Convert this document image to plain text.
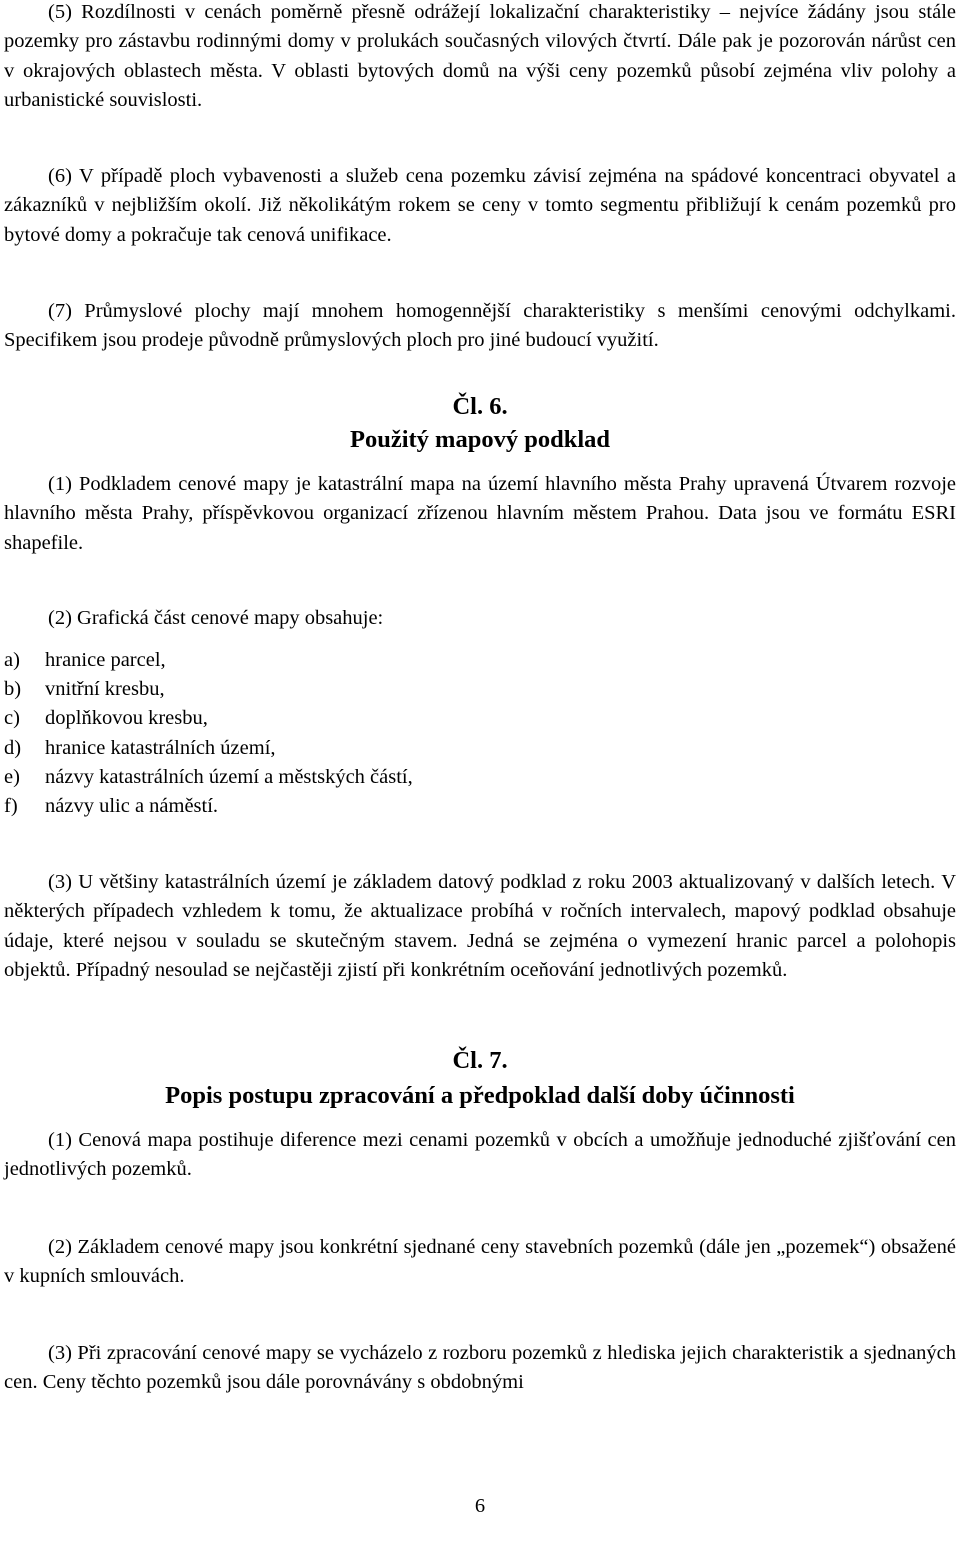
(5) Rozdílnosti v cenách poměrně přesně odrážejí lokalizační charakteristiky – nejvíce žádány jsou stále pozemky pro zástavbu rodinnými domy v prolukách současných vilových čtvrtí. Dále pak je pozorován nárůst cen v okrajových oblastech města. V oblasti bytových domů na výši ceny pozemků působí zejména vliv polohy a urbanistické souvislosti.

(6) V případě ploch vybavenosti a služeb cena pozemku závisí zejména na spádové koncentraci obyvatel a zákazníků v nejbližším okolí. Již několikátým rokem se ceny v tomto segmentu přibližují k cenám pozemků pro bytové domy a pokračuje tak cenová unifikace.

(7) Průmyslové plochy mají mnohem homogennější charakteristiky s menšími cenovými odchylkami. Specifikem jsou prodeje původně průmyslových ploch pro jiné budoucí využití.

Čl. 6.
Použitý mapový podklad

(1) Podkladem cenové mapy je katastrální mapa na území hlavního města Prahy upravená Útvarem rozvoje hlavního města Prahy, příspěvkovou organizací zřízenou hlavním městem Prahou. Data jsou ve formátu ESRI shapefile.

(2) Grafická část cenové mapy obsahuje:

a)	hranice parcel,
b)	vnitřní kresbu,
c)	doplňkovou kresbu,
d)	hranice katastrálních území,
e)	názvy katastrálních území a městských částí,
f)	názvy ulic a náměstí.

(3) U většiny katastrálních území je základem datový podklad z roku 2003 aktualizovaný v dalších letech. V některých případech vzhledem k tomu, že aktualizace probíhá v ročních intervalech, mapový podklad obsahuje údaje, které nejsou v souladu se skutečným stavem. Jedná se zejména o vymezení hranic parcel a polohopis objektů. Případný nesoulad se nejčastěji zjistí při konkrétním oceňování jednotlivých pozemků.

Čl. 7.
Popis postupu zpracování a předpoklad další doby účinnosti

(1) Cenová mapa postihuje diference mezi cenami pozemků v obcích a umožňuje jednoduché zjišťování cen jednotlivých pozemků.

(2) Základem cenové mapy jsou konkrétní sjednané ceny stavebních pozemků (dále jen „pozemek“) obsažené v kupních smlouvách.

(3) Při zpracování cenové mapy se vycházelo z rozboru pozemků z hlediska jejich charakteristik a sjednaných cen. Ceny těchto pozemků jsou dále porovnávány s obdobnými

6
